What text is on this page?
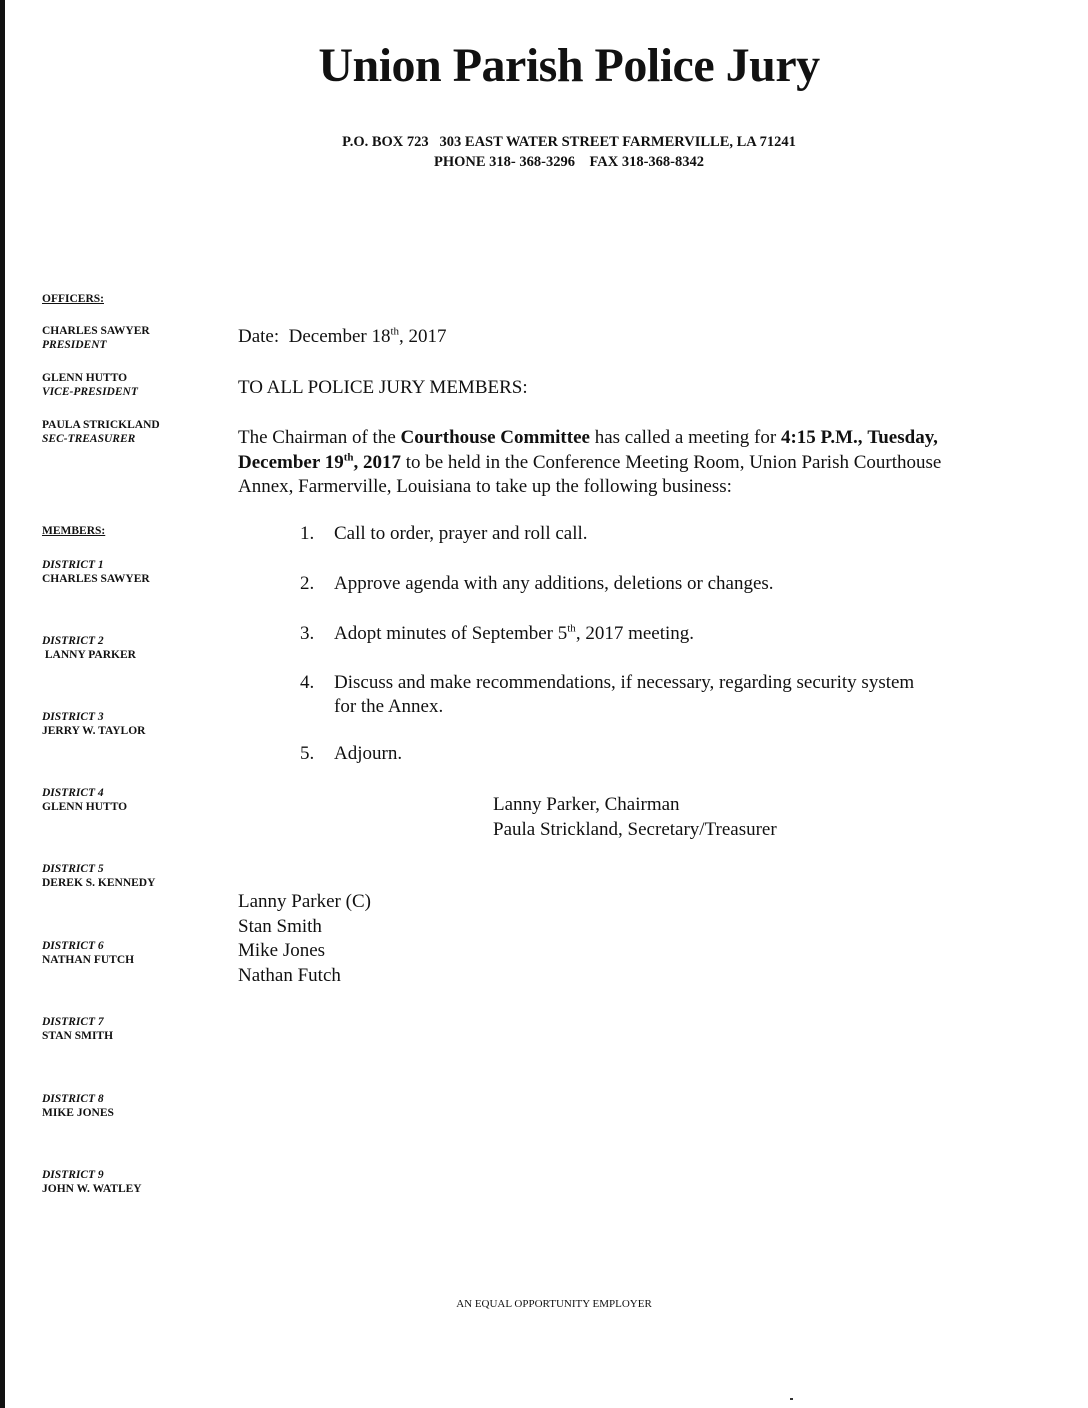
Union Parish Police Jury
P.O. BOX 723   303 EAST WATER STREET FARMERVILLE, LA 71241
PHONE 318- 368-3296    FAX 318-368-8342
OFFICERS:
CHARLES SAWYER
PRESIDENT
GLENN HUTTO
VICE-PRESIDENT
PAULA STRICKLAND
SEC-TREASURER
MEMBERS:
DISTRICT 1
CHARLES SAWYER
DISTRICT 2
LANNY PARKER
DISTRICT 3
JERRY W. TAYLOR
DISTRICT 4
GLENN HUTTO
DISTRICT 5
DEREK S. KENNEDY
DISTRICT 6
NATHAN FUTCH
DISTRICT 7
STAN SMITH
DISTRICT 8
MIKE JONES
DISTRICT 9
JOHN W. WATLEY
Date:  December 18th, 2017
TO ALL POLICE JURY MEMBERS:
The Chairman of the Courthouse Committee has called a meeting for 4:15 P.M., Tuesday, December 19th, 2017 to be held in the Conference Meeting Room, Union Parish Courthouse Annex, Farmerville, Louisiana to take up the following business:
1.	Call to order, prayer and roll call.
2.	Approve agenda with any additions, deletions or changes.
3.	Adopt minutes of September 5th, 2017 meeting.
4.	Discuss and make recommendations, if necessary, regarding security system for the Annex.
5.	Adjourn.
Lanny Parker, Chairman
Paula Strickland, Secretary/Treasurer
Lanny Parker (C)
Stan Smith
Mike Jones
Nathan Futch
AN EQUAL OPPORTUNITY EMPLOYER
